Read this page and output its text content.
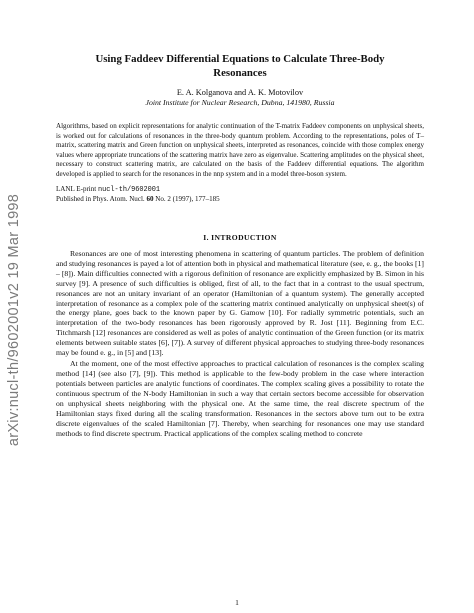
arXiv:nucl-th/9602001v2 19 Mar 1998
Using Faddeev Differential Equations to Calculate Three-Body Resonances
E. A. Kolganova and A. K. Motovilov
Joint Institute for Nuclear Research, Dubna, 141980, Russia

Algorithms, based on explicit representations for analytic continuation of the T-matrix Faddeev components on unphysical sheets, is worked out for calculations of resonances in the three-body quantum problem. According to the representations, poles of T–matrix, scattering matrix and Green function on unphysical sheets, interpreted as resonances, coincide with those complex energy values where appropriate truncations of the scattering matrix have zero as eigenvalue. Scattering amplitudes on the physical sheet, necessary to construct scattering matrix, are calculated on the basis of the Faddeev differential equations. The algorithm developed is applied to search for the resonances in the nnp system and in a model three-boson system.

LANL E-print nucl-th/9602001
Published in Phys. Atom. Nucl. 60 No. 2 (1997), 177–185
I. INTRODUCTION

Resonances are one of most interesting phenomena in scattering of quantum particles. The problem of definition and studying resonances is payed a lot of attention both in physical and mathematical literature (see, e. g., the books [1] – [8]). Main difficulties connected with a rigorous definition of resonance are explicitly emphasized by B. Simon in his survey [9]. A presence of such difficulties is obliged, first of all, to the fact that in a contrast to the usual spectrum, resonances are not an unitary invariant of an operator (Hamiltonian of a quantum system). The generally accepted interpretation of resonance as a complex pole of the scattering matrix continued analytically on unphysical sheet(s) of the energy plane, goes back to the known paper by G. Gamow [10]. For radially symmetric potentials, such an interpretation of the two-body resonances has been rigorously approved by R. Jost [11]. Beginning from E.C. Titchmarsh [12] resonances are considered as well as poles of analytic continuation of the Green function (or its matrix elements between suitable states [6], [7]). A survey of different physical approaches to studying three-body resonances may be found e. g., in [5] and [13].

At the moment, one of the most effective approaches to practical calculation of resonances is the complex scaling method [14] (see also [7], [9]). This method is applicable to the few-body problem in the case where interaction potentials between particles are analytic functions of coordinates. The complex scaling gives a possibility to rotate the continuous spectrum of the N-body Hamiltonian in such a way that certain sectors become accessible for observation on unphysical sheets neighboring with the physical one. At the same time, the real discrete spectrum of the Hamiltonian stays fixed during all the scaling transformation. Resonances in the sectors above turn out to be extra discrete eigenvalues of the scaled Hamiltonian [7]. Thereby, when searching for resonances one may use standard methods to find discrete spectrum. Practical applications of the complex scaling method to concrete

1
